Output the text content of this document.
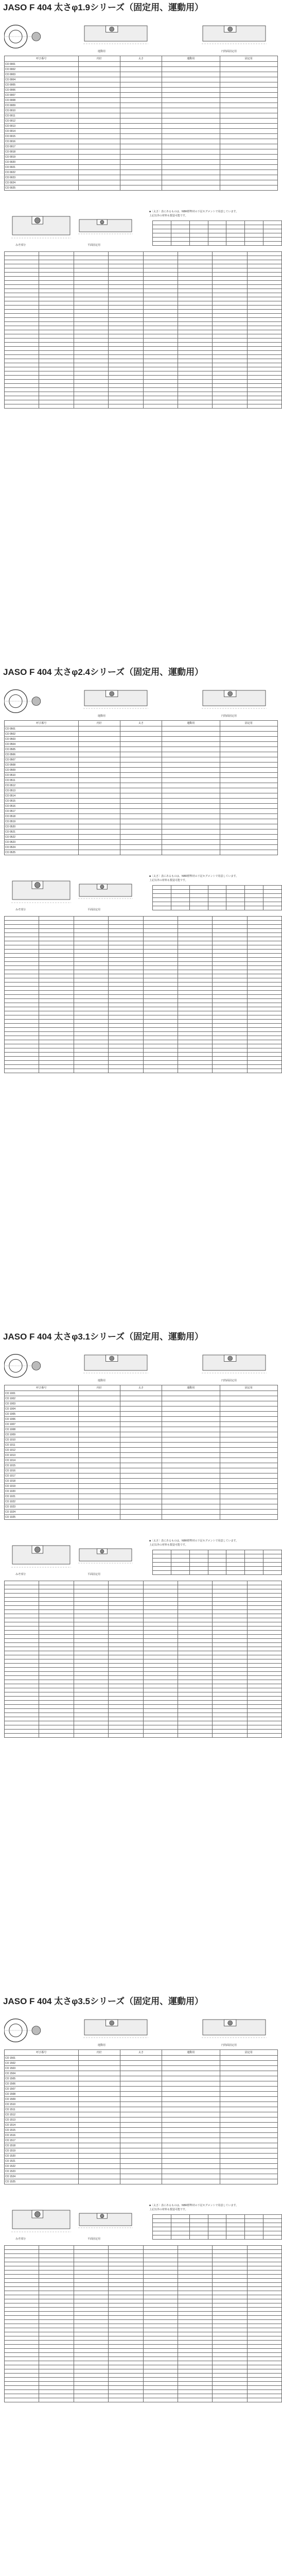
JASO F 404 太さφ1.9シリーズ（固定用、運動用）
運動用	円筒面固定用
呼び番号	内径	太さ	運動用	固定用
CO 0001				
CO 0002				
CO 0003				
CO 0004				
CO 0005				
CO 0006				
CO 0007				
CO 0008				
CO 0009				
CO 0010				
CO 0011				
CO 0012				
CO 0013				
CO 0014				
CO 0015				
CO 0016				
CO 0017				
CO 0018				
CO 0019				
CO 0020				
CO 0021				
CO 0022				
CO 0023				
CO 0024				
CO 0025				
みぞ部分	平面固定用
■〔太さ〕表にあるものは、NBR標準材の下記セグメントで用意しています。
上記以外の材料も製造可能です。

JASO F 404 太さφ2.4シリーズ（固定用、運動用）
運動用	円筒面固定用
呼び番号	内径	太さ	運動用	固定用
CO 0501				
CO 0502				
CO 0503				
CO 0504				
CO 0505				
CO 0506				
CO 0507				
CO 0508				
CO 0509				
CO 0510				
CO 0511				
CO 0512				
CO 0513				
CO 0514				
CO 0515				
CO 0516				
CO 0517				
CO 0518				
CO 0519				
CO 0520				
CO 0521				
CO 0522				
CO 0523				
CO 0524				
CO 0525				
みぞ部分	平面固定用
■〔太さ〕表にあるものは、NBR標準材の下記セグメントで用意しています。
上記以外の材料も製造可能です。

JASO F 404 太さφ3.1シリーズ（固定用、運動用）
運動用	円筒面固定用
呼び番号	内径	太さ	運動用	固定用
CO 1001				
CO 1002				
CO 1003				
CO 1004				
CO 1005				
CO 1006				
CO 1007				
CO 1008				
CO 1009				
CO 1010				
CO 1011				
CO 1012				
CO 1013				
CO 1014				
CO 1015				
CO 1016				
CO 1017				
CO 1018				
CO 1019				
CO 1020				
CO 1021				
CO 1022				
CO 1023				
CO 1024				
CO 1025				
みぞ部分	平面固定用
■〔太さ〕表にあるものは、NBR標準材の下記セグメントで用意しています。
上記以外の材料も製造可能です。

JASO F 404 太さφ3.5シリーズ（固定用、運動用）
運動用	円筒面固定用
呼び番号	内径	太さ	運動用	固定用
CO 1501				
CO 1502				
CO 1503				
CO 1504				
CO 1505				
CO 1506				
CO 1507				
CO 1508				
CO 1509				
CO 1510				
CO 1511				
CO 1512				
CO 1513				
CO 1514				
CO 1515				
CO 1516				
CO 1517				
CO 1518				
CO 1519				
CO 1520				
CO 1521				
CO 1522				
CO 1523				
CO 1524				
CO 1525				
みぞ部分	平面固定用
■〔太さ〕表にあるものは、NBR標準材の下記セグメントで用意しています。
上記以外の材料も製造可能です。
